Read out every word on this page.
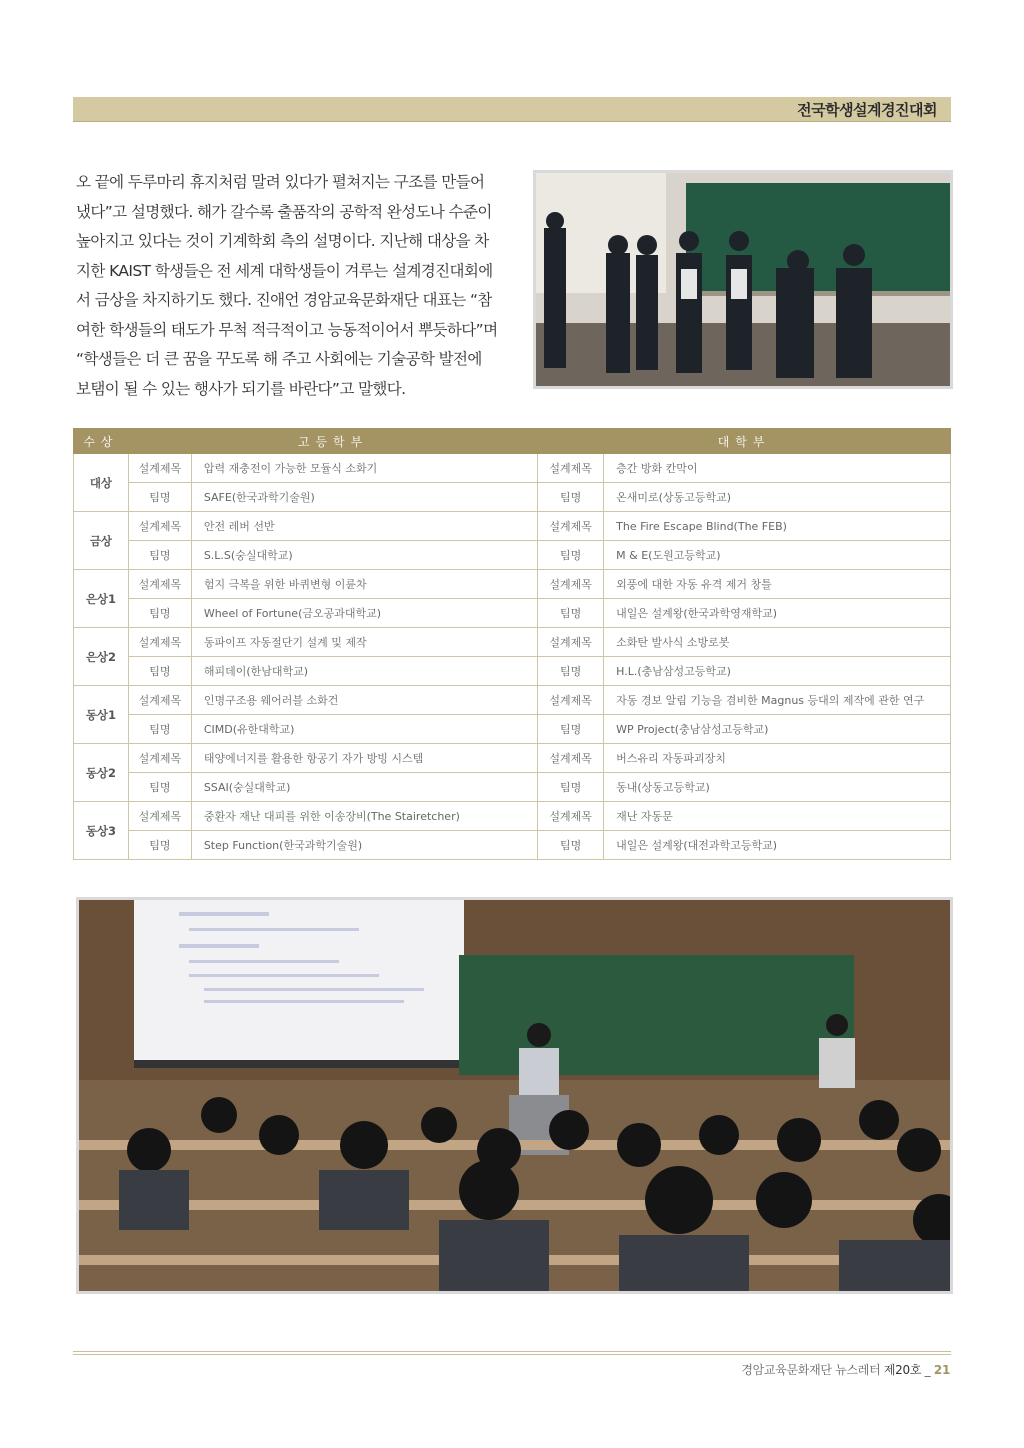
전국학생설계경진대회

오 끝에 두루마리 휴지처럼 말려 있다가 펼쳐지는 구조를 만들어

냈다”고 설명했다. 해가 갈수록 출품작의 공학적 완성도나 수준이

높아지고 있다는 것이 기계학회 측의 설명이다. 지난해 대상을 차

지한 KAIST 학생들은 전 세계 대학생들이 겨루는 설계경진대회에

서 금상을 차지하기도 했다. 진애언 경암교육문화재단 대표는 “참

여한 학생들의 태도가 무척 적극적이고 능동적이어서 뿌듯하다”며

“학생들은 더 큰 꿈을 꾸도록 해 주고 사회에는 기술공학 발전에

보탬이 될 수 있는 행사가 되기를 바란다”고 말했다.

수상	고등학부		대학부	
대상	설계제목	압력 재충전이 가능한 모듈식 소화기	설계제목	층간 방화 칸막이
	팀명	SAFE(한국과학기술원)	팀명	온새미로(상동고등학교)
금상	설계제목	안전 레버 선반	설계제목	The Fire Escape Blind(The FEB)
	팀명	S.L.S(숭실대학교)	팀명	M & E(도원고등학교)
은상1	설계제목	험지 극복을 위한 바퀴변형 이륜차	설계제목	외풍에 대한 자동 유격 제거 창틀
	팀명	Wheel of Fortune(금오공과대학교)	팀명	내일은 설계왕(한국과학영재학교)
은상2	설계제목	동파이프 자동절단기 설계 및 제작	설계제목	소화탄 발사식 소방로봇
	팀명	해피데이(한남대학교)	팀명	H.L.(충남삼성고등학교)
동상1	설계제목	인명구조용 웨어러블 소화건	설계제목	자동 경보 알림 기능을 겸비한 Magnus 등대의 제작에 관한 연구
	팀명	CIMD(유한대학교)	팀명	WP Project(충남삼성고등학교)
동상2	설계제목	태양에너지를 활용한 항공기 자가 방빙 시스템	설계제목	버스유리 자동파괴장치
	팀명	SSAI(숭실대학교)	팀명	동내(상동고등학교)
동상3	설계제목	중환자 재난 대피를 위한 이송장비(The Stairetcher)	설계제목	재난 자동문
	팀명	Step Function(한국과학기술원)	팀명	내일은 설계왕(대전과학고등학교)
경암교육문화재단 뉴스레터 제20호 _ 21
